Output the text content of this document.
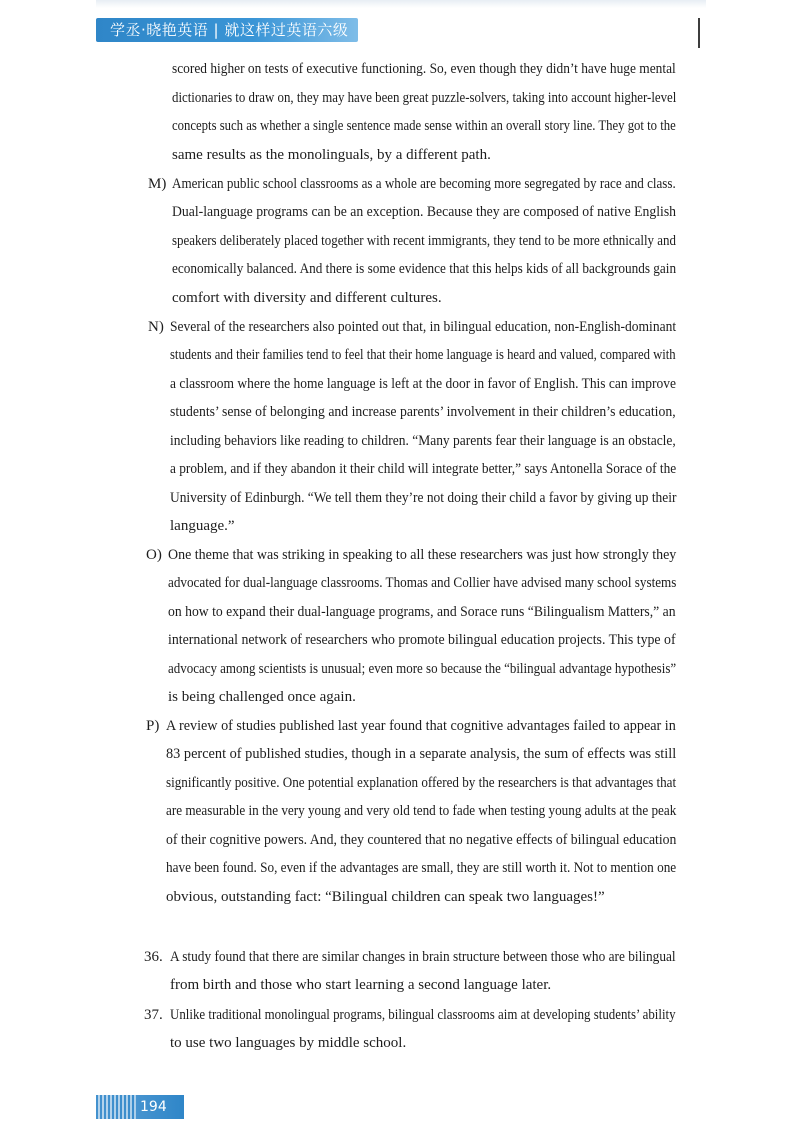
学丞·晓艳英语 | 就这样过英语六级
scored higher on tests of executive functioning. So, even though they didn’t have huge mental
dictionaries to draw on, they may have been great puzzle-solvers, taking into account higher-level
concepts such as whether a single sentence made sense within an overall story line. They got to the
same results as the monolinguals, by a different path.
M) American public school classrooms as a whole are becoming more segregated by race and class.
Dual-language programs can be an exception. Because they are composed of native English
speakers deliberately placed together with recent immigrants, they tend to be more ethnically and
economically balanced. And there is some evidence that this helps kids of all backgrounds gain
comfort with diversity and different cultures.
N) Several of the researchers also pointed out that, in bilingual education, non-English-dominant
students and their families tend to feel that their home language is heard and valued, compared with
a classroom where the home language is left at the door in favor of English. This can improve
students’ sense of belonging and increase parents’ involvement in their children’s education,
including behaviors like reading to children. “Many parents fear their language is an obstacle,
a problem, and if they abandon it their child will integrate better,” says Antonella Sorace of the
University of Edinburgh. “We tell them they’re not doing their child a favor by giving up their
language.”
O) One theme that was striking in speaking to all these researchers was just how strongly they
advocated for dual-language classrooms. Thomas and Collier have advised many school systems
on how to expand their dual-language programs, and Sorace runs “Bilingualism Matters,” an
international network of researchers who promote bilingual education projects. This type of
advocacy among scientists is unusual; even more so because the “bilingual advantage hypothesis”
is being challenged once again.
P) A review of studies published last year found that cognitive advantages failed to appear in
83 percent of published studies, though in a separate analysis, the sum of effects was still
significantly positive. One potential explanation offered by the researchers is that advantages that
are measurable in the very young and very old tend to fade when testing young adults at the peak
of their cognitive powers. And, they countered that no negative effects of bilingual education
have been found. So, even if the advantages are small, they are still worth it. Not to mention one
obvious, outstanding fact: “Bilingual children can speak two languages!”
36. A study found that there are similar changes in brain structure between those who are bilingual
from birth and those who start learning a second language later.
37. Unlike traditional monolingual programs, bilingual classrooms aim at developing students’ ability
to use two languages by middle school.
194
